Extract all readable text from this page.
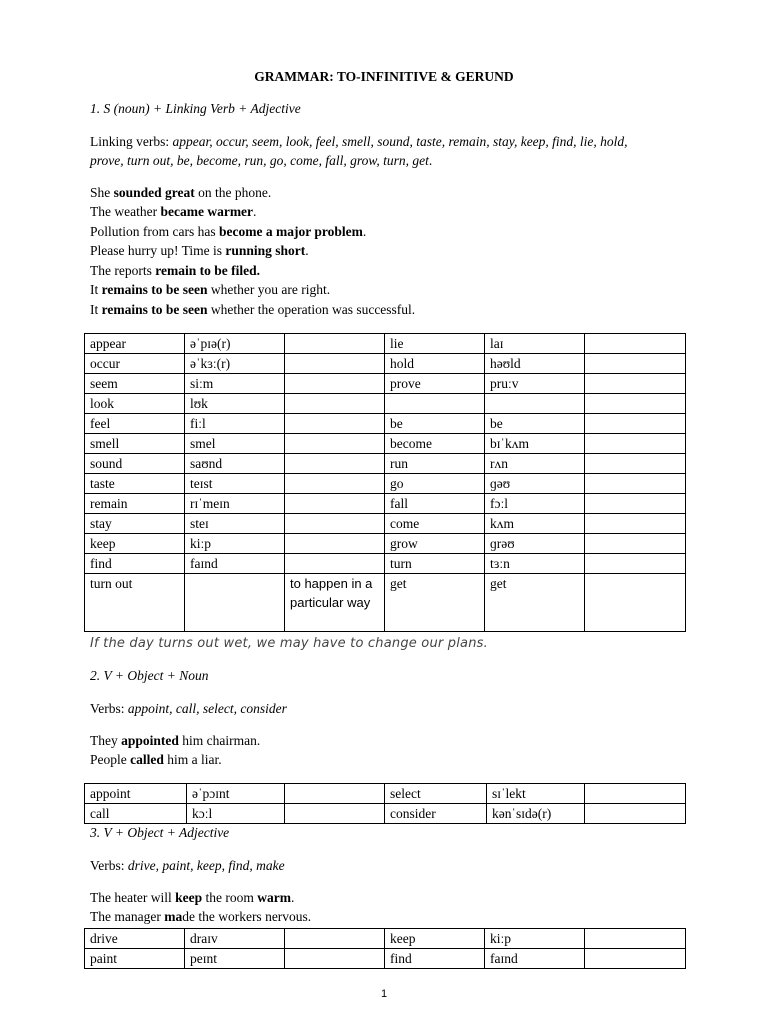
GRAMMAR: TO-INFINITIVE & GERUND
1. S (noun) + Linking Verb + Adjective
Linking verbs: appear, occur, seem, look, feel, smell, sound, taste, remain, stay, keep, find, lie, hold,
prove, turn out, be, become, run, go, come, fall, grow, turn, get.
She sounded great on the phone.
The weather became warmer.
Pollution from cars has become a major problem.
Please hurry up! Time is running short.
The reports remain to be filed.
It remains to be seen whether you are right.
It remains to be seen whether the operation was successful.
appear	əˈpɪə(r)		lie	laɪ	
occur	əˈkɜː(r)		hold	həʊld	
seem	siːm		prove	pruːv	
look	lʊk				
feel	fiːl		be	be	
smell	smel		become	bɪˈkʌm	
sound	saʊnd		run	rʌn	
taste	teɪst		go	ɡəʊ	
remain	rɪˈmeɪn		fall	fɔːl	
stay	steɪ		come	kʌm	
keep	kiːp		grow	ɡrəʊ	
find	faɪnd		turn	tɜːn	
turn out		to happen in a particular way	get	get	
If the day turns out wet, we may have to change our plans.
2. V + Object + Noun
Verbs: appoint, call, select, consider
They appointed him chairman.
People called him a liar.
appoint	əˈpɔɪnt		select	sɪˈlekt	
call	kɔːl		consider	kənˈsɪdə(r)	
3. V + Object + Adjective
Verbs: drive, paint, keep, find, make
The heater will keep the room warm.
The manager made the workers nervous.
drive	draɪv		keep	kiːp	
paint	peɪnt		find	faɪnd	
1
